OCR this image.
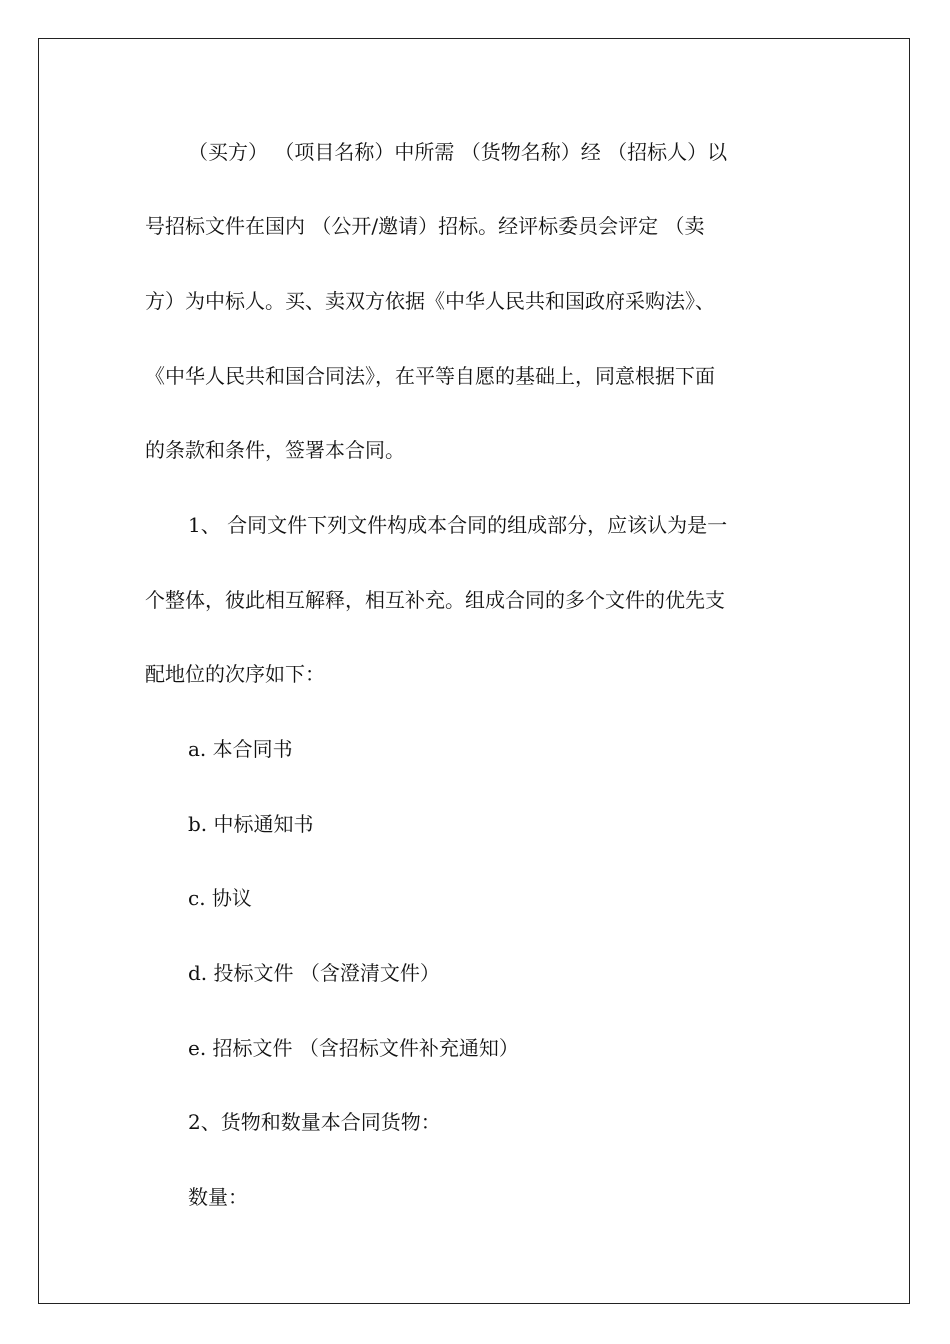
（买方） （项目名称）中所需 （货物名称）经 （招标人）以

号招标文件在国内 （公开/邀请）招标。经评标委员会评定 （卖

方）为中标人。买、卖双方依据《中华人民共和国政府采购法》、

《中华人民共和国合同法》，在平等自愿的基础上，同意根据下面

的条款和条件，签署本合同。

1、 合同文件下列文件构成本合同的组成部分，应该认为是一

个整体，彼此相互解释，相互补充。组成合同的多个文件的优先支

配地位的次序如下：

a. 本合同书

b. 中标通知书

c. 协议

d. 投标文件 （含澄清文件）

e. 招标文件 （含招标文件补充通知）

2、货物和数量本合同货物：

数量：
